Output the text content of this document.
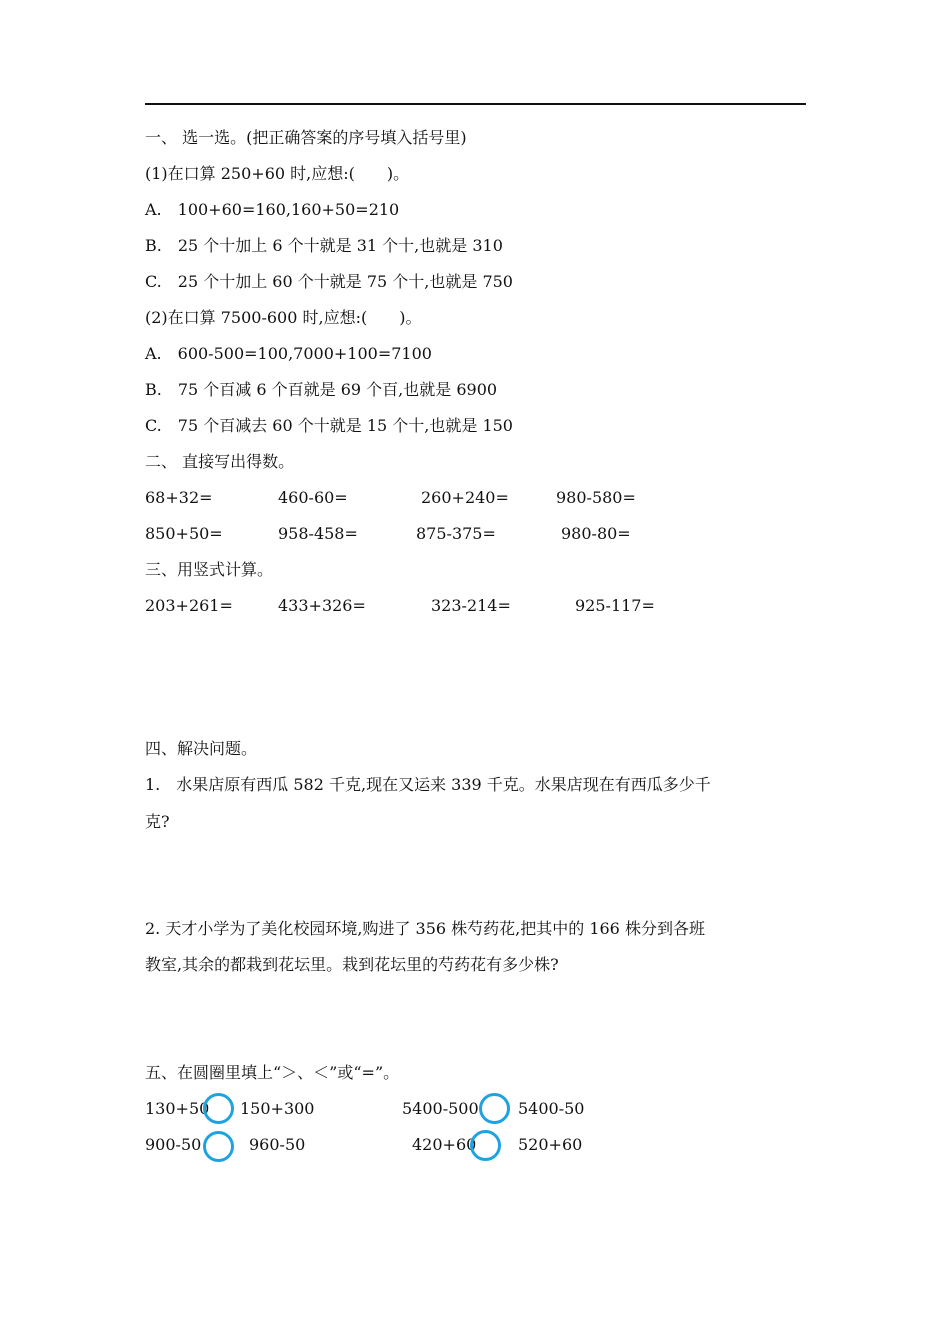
一、 选一选。(把正确答案的序号填入括号里)
(1)在口算 250+60 时,应想:(　　)。
A.　100+60=160,160+50=210
B.　25 个十加上 6 个十就是 31 个十,也就是 310
C.　25 个十加上 60 个十就是 75 个十,也就是 750
(2)在口算 7500-600 时,应想:(　　)。
A.　600-500=100,7000+100=7100
B.　75 个百减 6 个百就是 69 个百,也就是 6900
C.　75 个百减去 60 个十就是 15 个十,也就是 150
二、 直接写出得数。
68+32=	460-60=	260+240=	980-580=
850+50=	958-458=	875-375=	980-80=
三、用竖式计算。
203+261=	433+326=	323-214=	925-117=
四、解决问题。
1.　水果店原有西瓜 582 千克,现在又运来 339 千克。水果店现在有西瓜多少千
克?
2. 天才小学为了美化校园环境,购进了 356 株芍药花,把其中的 166 株分到各班
教室,其余的都栽到花坛里。栽到花坛里的芍药花有多少株?
五、在圆圈里填上“＞、＜”或“=”。
130+50 150+300	5400-500 5400-50
900-50	960-50	420+60	520+60
